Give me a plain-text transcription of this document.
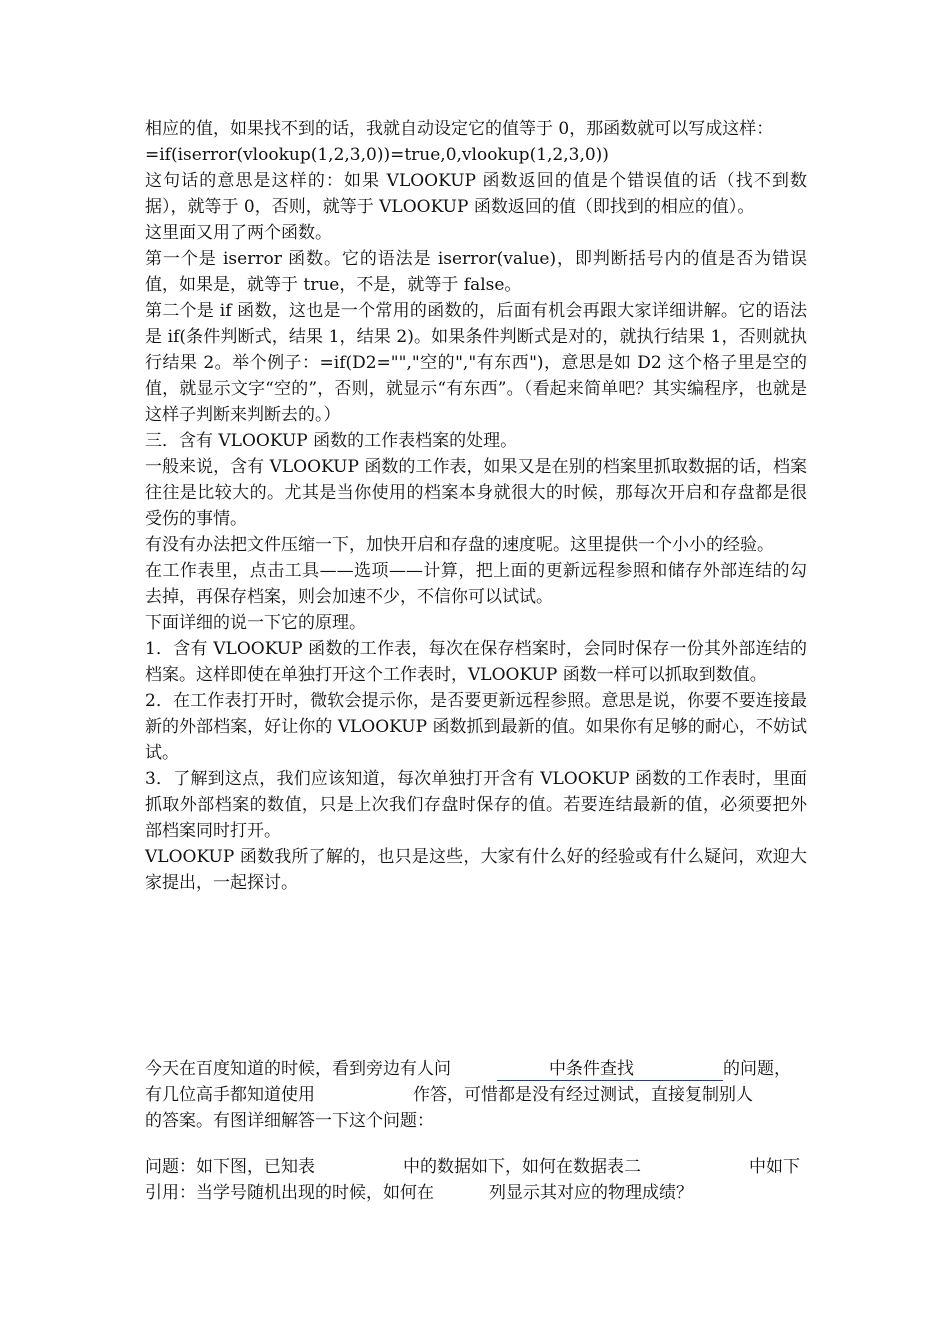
相应的值，如果找不到的话，我就自动设定它的值等于 0，那函数就可以写成这样：

=if(iserror(vlookup(1,2,3,0))=true,0,vlookup(1,2,3,0))

这句话的意思是这样的：如果 VLOOKUP 函数返回的值是个错误值的话（找不到数据），就等于 0，否则，就等于 VLOOKUP 函数返回的值（即找到的相应的值）。

这里面又用了两个函数。

第一个是 iserror 函数。它的语法是 iserror(value)，即判断括号内的值是否为错误值，如果是，就等于 true，不是，就等于 false。

第二个是 if 函数，这也是一个常用的函数的，后面有机会再跟大家详细讲解。它的语法是 if(条件判断式，结果 1，结果 2)。如果条件判断式是对的，就执行结果 1，否则就执行结果 2。举个例子：=if(D2="","空的","有东西")，意思是如 D2 这个格子里是空的值，就显示文字“空的”，否则，就显示“有东西”。（看起来简单吧？其实编程序，也就是这样子判断来判断去的。）

三．含有 VLOOKUP 函数的工作表档案的处理。

一般来说，含有 VLOOKUP 函数的工作表，如果又是在别的档案里抓取数据的话，档案往往是比较大的。尤其是当你使用的档案本身就很大的时候，那每次开启和存盘都是很受伤的事情。

有没有办法把文件压缩一下，加快开启和存盘的速度呢。这里提供一个小小的经验。

在工作表里，点击工具——选项——计算，把上面的更新远程参照和储存外部连结的勾去掉，再保存档案，则会加速不少，不信你可以试试。

下面详细的说一下它的原理。

1．含有 VLOOKUP 函数的工作表，每次在保存档案时，会同时保存一份其外部连结的档案。这样即使在单独打开这个工作表时，VLOOKUP 函数一样可以抓取到数值。

2．在工作表打开时，微软会提示你，是否要更新远程参照。意思是说，你要不要连接最新的外部档案，好让你的 VLOOKUP 函数抓到最新的值。如果你有足够的耐心，不妨试试。

3．了解到这点，我们应该知道，每次单独打开含有 VLOOKUP 函数的工作表时，里面抓取外部档案的数值，只是上次我们存盘时保存的值。若要连结最新的值，必须要把外部档案同时打开。

VLOOKUP 函数我所了解的，也只是这些，大家有什么好的经验或有什么疑问，欢迎大家提出，一起探讨。

今天在百度知道的时候，看到旁边有人问	中条件查找	的问题，
有几位高手都知道使用	作答，可惜都是没有经过测试，直接复制别人
的答案。有图详细解答一下这个问题：
问题：如下图，已知表	中的数据如下，如何在数据表二	中如下
引用：当学号随机出现的时候，如何在	列显示其对应的物理成绩？
